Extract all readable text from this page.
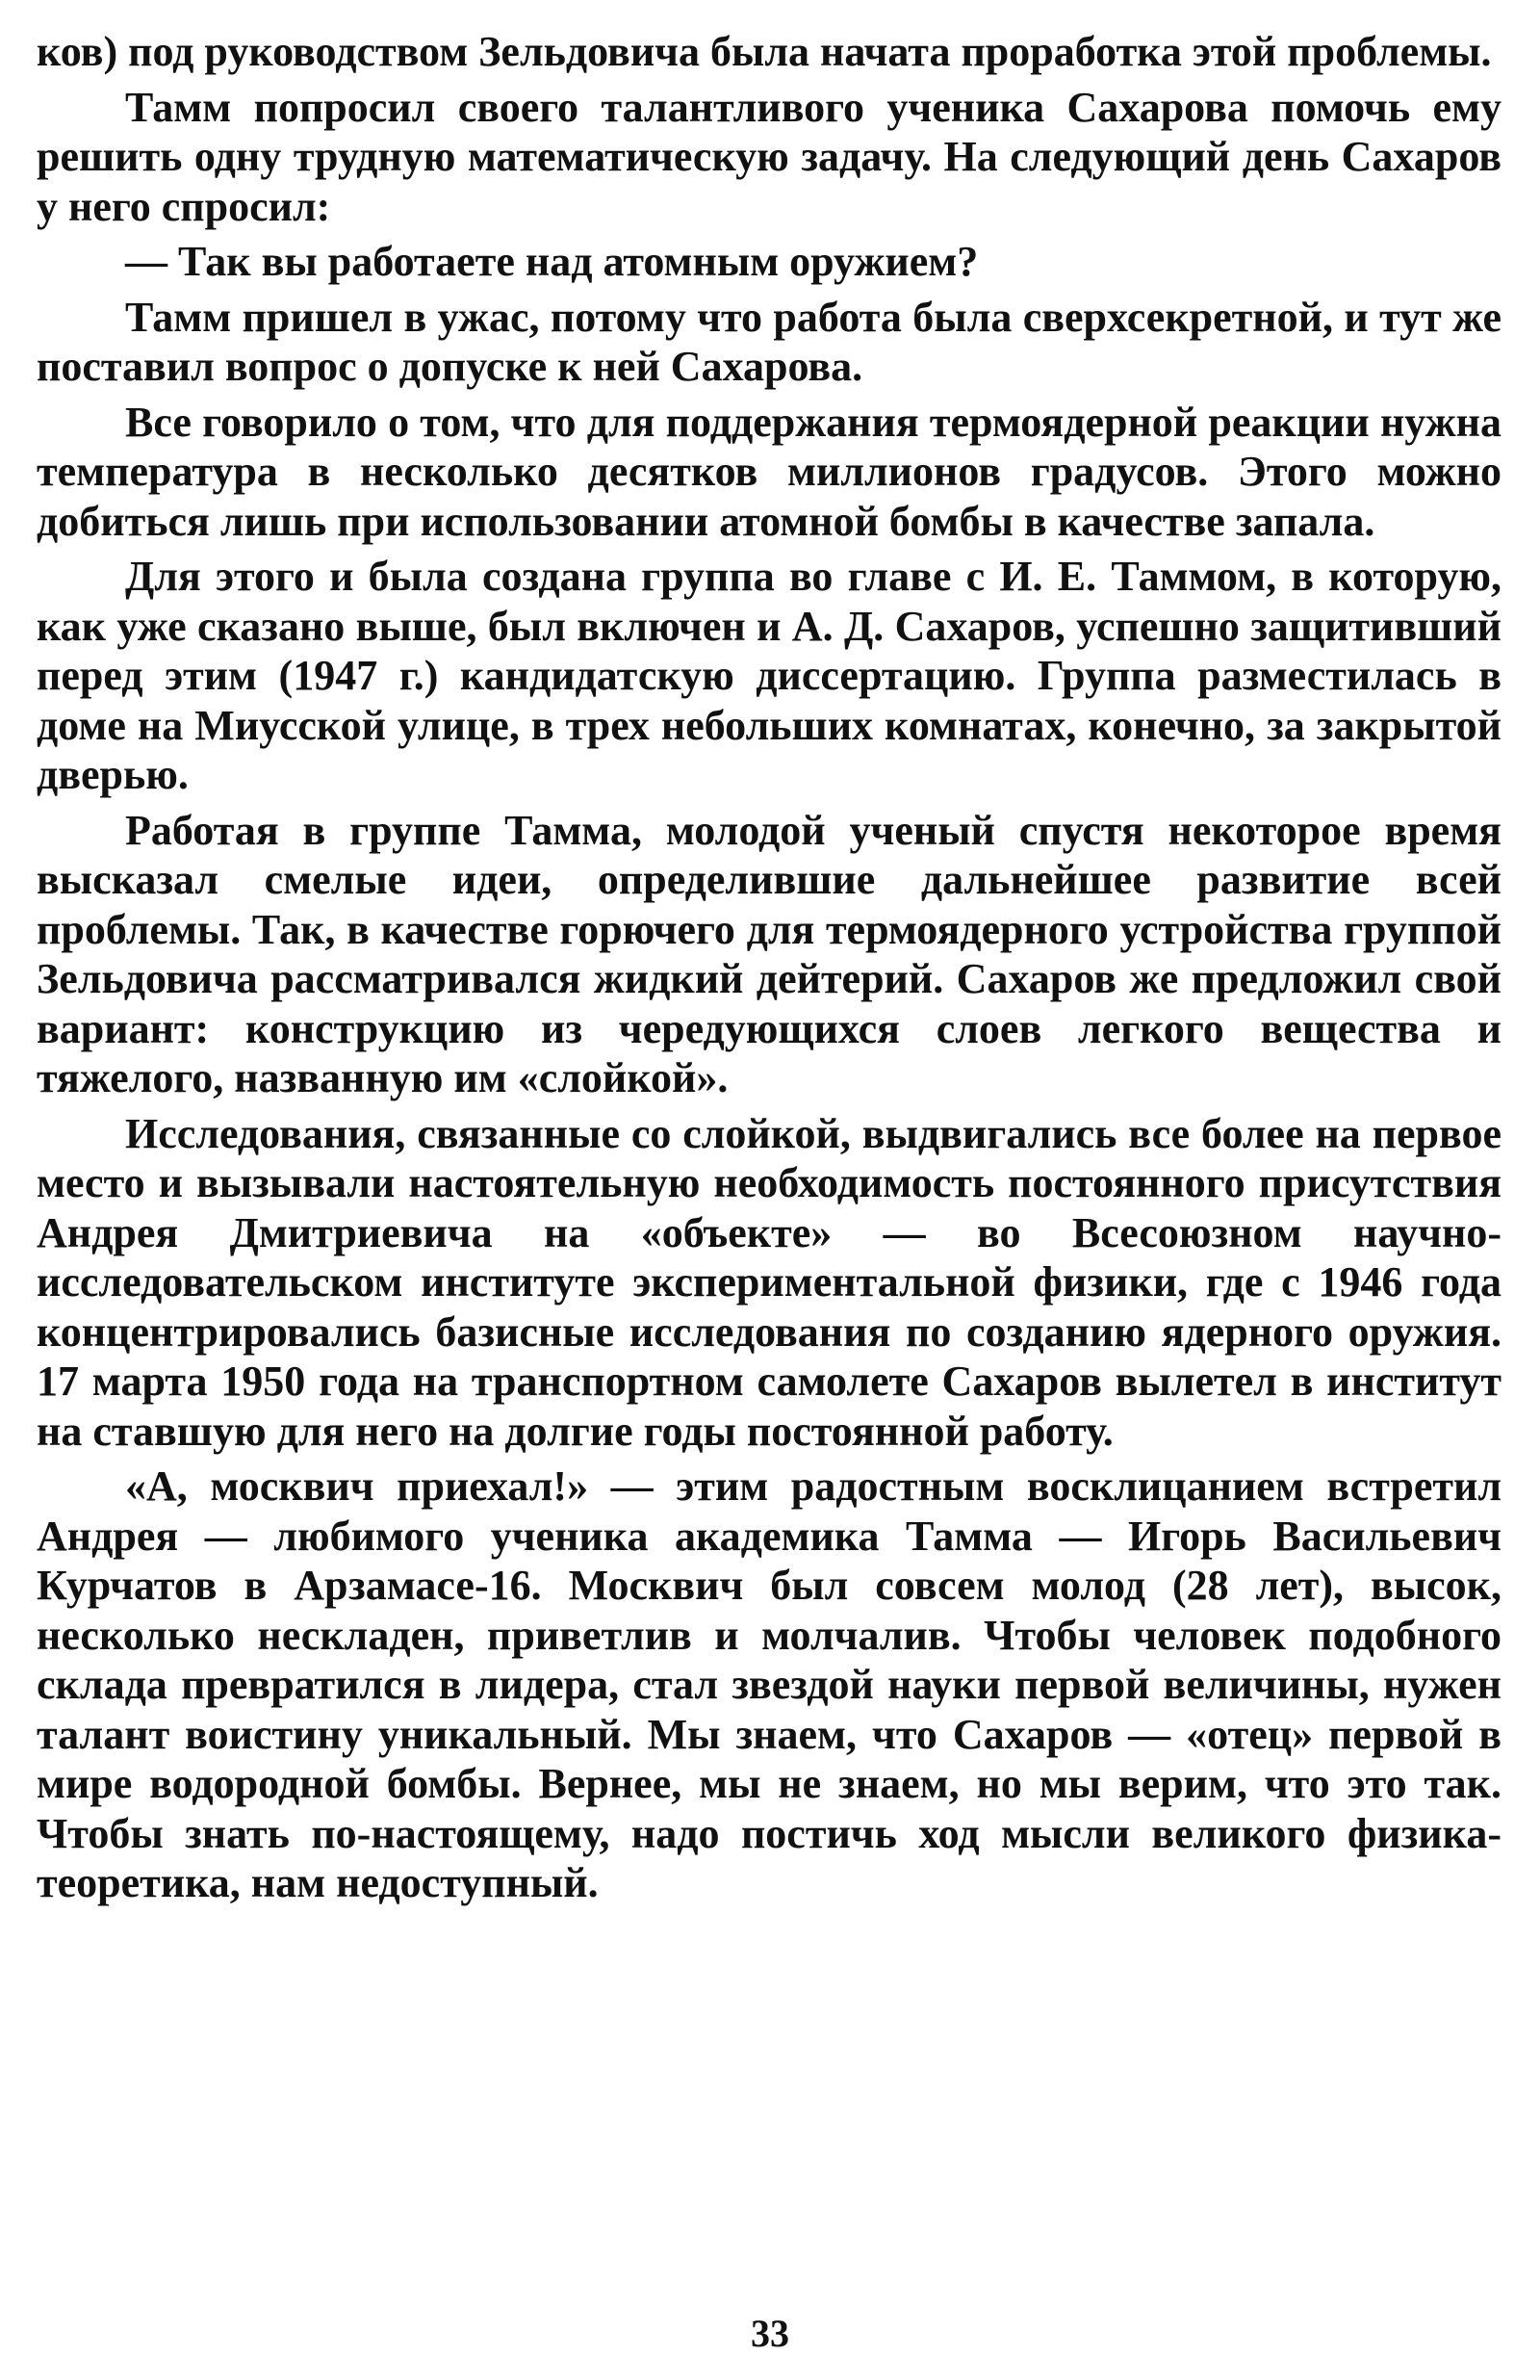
ков) под руководством Зельдовича была начата проработка этой проблемы.

Тамм попросил своего талантливого ученика Сахарова помочь ему решить одну трудную математическую задачу. На следующий день Сахаров у него спросил:

— Так вы работаете над атомным оружием?

Тамм пришел в ужас, потому что работа была сверхсекретной, и тут же поставил вопрос о допуске к ней Сахарова.

Все говорило о том, что для поддержания термоядерной реакции нужна температура в несколько десятков миллионов градусов. Этого можно добиться лишь при использовании атомной бомбы в качестве запала.

Для этого и была создана группа во главе с И. Е. Таммом, в которую, как уже сказано выше, был включен и А. Д. Сахаров, успешно защитивший перед этим (1947 г.) кандидатскую диссертацию. Группа разместилась в доме на Миусской улице, в трех небольших комнатах, конечно, за закрытой дверью.

Работая в группе Тамма, молодой ученый спустя некоторое время высказал смелые идеи, определившие дальнейшее развитие всей проблемы. Так, в качестве горючего для термоядерного устройства группой Зельдовича рассматривался жидкий дейтерий. Сахаров же предложил свой вариант: конструкцию из чередующихся слоев легкого вещества и тяжелого, названную им «слойкой».

Исследования, связанные со слойкой, выдвигались все более на первое место и вызывали настоятельную необходимость постоянного присутствия Андрея Дмитриевича на «объекте» — во Всесоюзном научно-исследовательском институте экспериментальной физики, где с 1946 года концентрировались базисные исследования по созданию ядерного оружия. 17 марта 1950 года на транспортном самолете Сахаров вылетел в институт на ставшую для него на долгие годы постоянной работу.

«А, москвич приехал!» — этим радостным восклицанием встретил Андрея — любимого ученика академика Тамма — Игорь Васильевич Курчатов в Арзамасе-16. Москвич был совсем молод (28 лет), высок, несколько нескладен, приветлив и молчалив. Чтобы человек подобного склада превратился в лидера, стал звездой науки первой величины, нужен талант воистину уникальный. Мы знаем, что Сахаров — «отец» первой в мире водородной бомбы. Вернее, мы не знаем, но мы верим, что это так. Чтобы знать по-настоящему, надо постичь ход мысли великого физика-теоретика, нам недоступный.

33
